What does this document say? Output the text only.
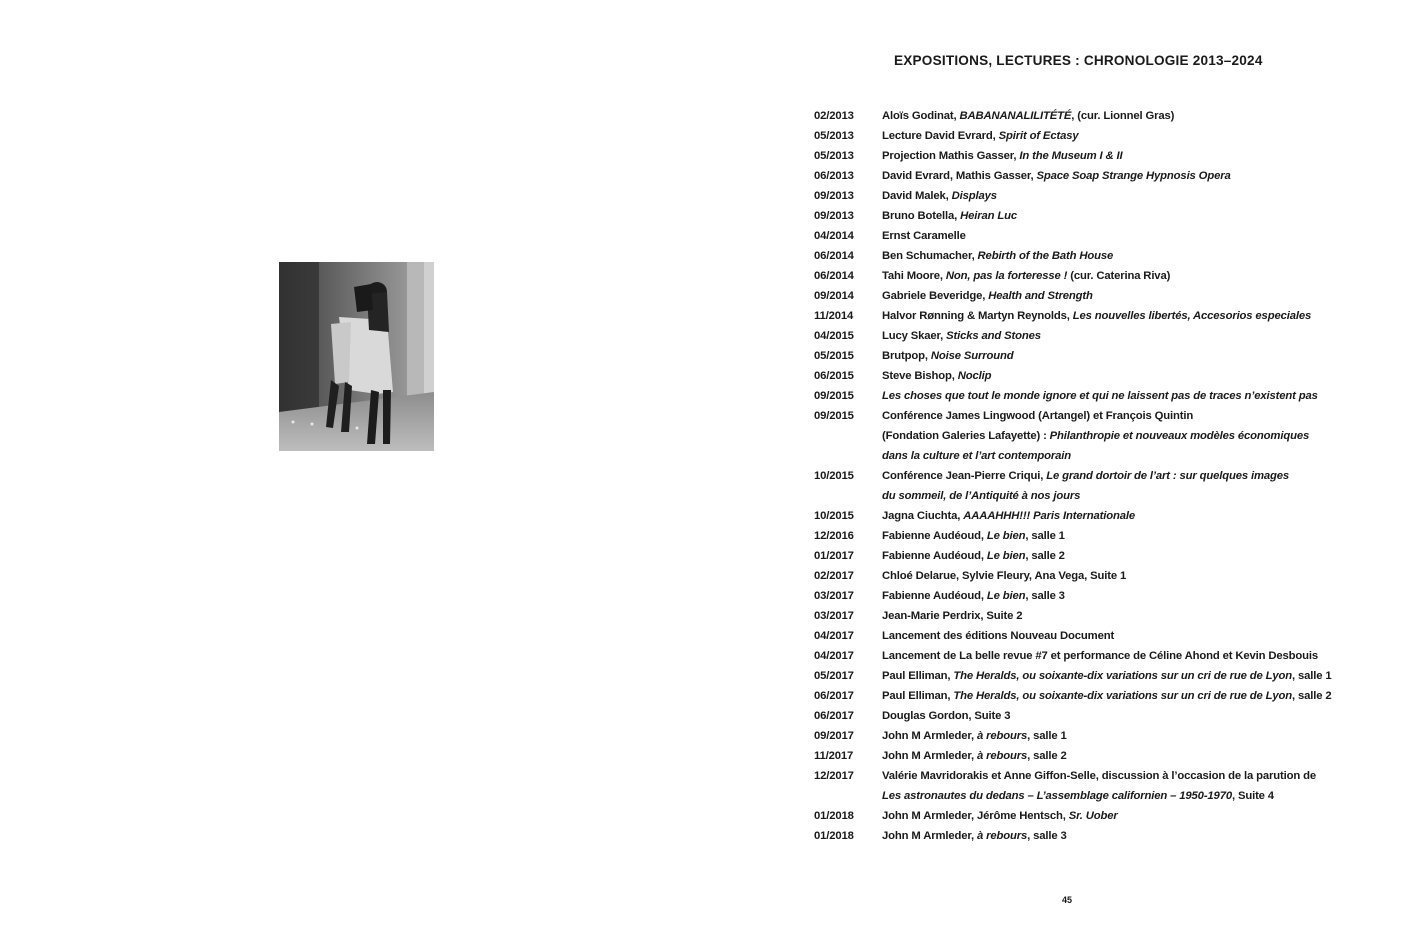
EXPOSITIONS, LECTURES : CHRONOLOGIE 2013–2024
02/2013	Aloïs Godinat, BABANANALILITÉTÉ, (cur. Lionnel Gras)
05/2013	Lecture David Evrard, Spirit of Ectasy
05/2013	Projection Mathis Gasser, In the Museum I & II
06/2013	David Evrard, Mathis Gasser, Space Soap Strange Hypnosis Opera
09/2013	David Malek, Displays
09/2013	Bruno Botella, Heiran Luc
04/2014	Ernst Caramelle
06/2014	Ben Schumacher, Rebirth of the Bath House
06/2014	Tahi Moore, Non, pas la forteresse ! (cur. Caterina Riva)
09/2014	Gabriele Beveridge, Health and Strength
11/2014	Halvor Rønning & Martyn Reynolds, Les nouvelles libertés, Accesorios especiales
04/2015	Lucy Skaer, Sticks and Stones
05/2015	Brutpop, Noise Surround
06/2015	Steve Bishop, Noclip
09/2015	Les choses que tout le monde ignore et qui ne laissent pas de traces n’existent pas
09/2015	Conférence James Lingwood (Artangel) et François Quintin
(Fondation Galeries Lafayette) : Philanthropie et nouveaux modèles économiques
dans la culture et l’art contemporain
10/2015	Conférence Jean-Pierre Criqui, Le grand dortoir de l’art : sur quelques images
du sommeil, de l’Antiquité à nos jours
10/2015	Jagna Ciuchta, AAAAHHH!!! Paris Internationale
12/2016	Fabienne Audéoud, Le bien, salle 1
01/2017	Fabienne Audéoud, Le bien, salle 2
02/2017	Chloé Delarue, Sylvie Fleury, Ana Vega, Suite 1
03/2017	Fabienne Audéoud, Le bien, salle 3
03/2017	Jean-Marie Perdrix, Suite 2
04/2017	Lancement des éditions Nouveau Document
04/2017	Lancement de La belle revue #7 et performance de Céline Ahond et Kevin Desbouis
05/2017	Paul Elliman, The Heralds, ou soixante-dix variations sur un cri de rue de Lyon, salle 1
06/2017	Paul Elliman, The Heralds, ou soixante-dix variations sur un cri de rue de Lyon, salle 2
06/2017	Douglas Gordon, Suite 3
09/2017	John M Armleder, à rebours, salle 1
11/2017	John M Armleder, à rebours, salle 2
12/2017	Valérie Mavridorakis et Anne Giffon-Selle, discussion à l’occasion de la parution de
Les astronautes du dedans – L’assemblage californien – 1950-1970, Suite 4
01/2018	John M Armleder, Jérôme Hentsch, Sr. Uober
01/2018	John M Armleder, à rebours, salle 3
45
